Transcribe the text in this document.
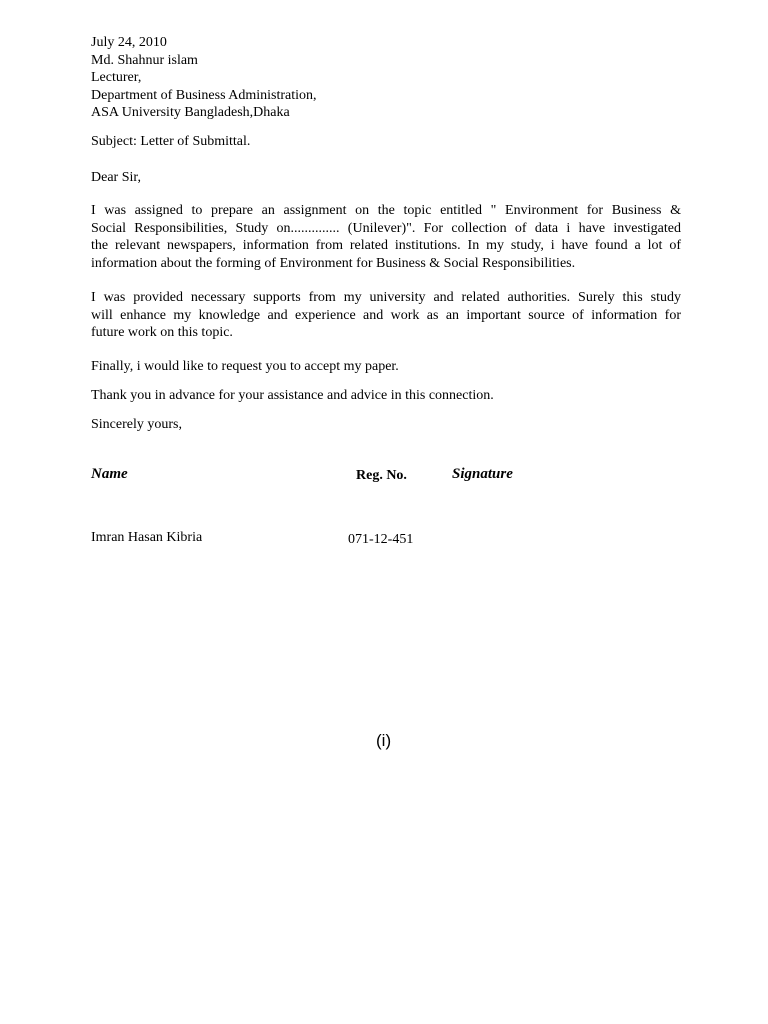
July 24, 2010
Md. Shahnur islam
Lecturer,
Department of Business Administration,
ASA University Bangladesh,Dhaka
Subject: Letter of Submittal.
Dear Sir,
I was assigned to prepare an assignment on the topic entitled " Environment for Business &
Social Responsibilities, Study on.............. (Unilever)". For collection of data i have investigated
the relevant newspapers, information from related institutions. In my study, i have found a lot of
information about the forming of Environment for Business & Social Responsibilities.
I was provided necessary supports from my university and related authorities. Surely this study
will enhance my knowledge and experience and work as an important source of information for
future work on this topic.
Finally, i would like to request you to accept my paper.
Thank you in advance for your assistance and advice in this connection.
Sincerely yours,
Name	Reg. No.	Signature
Imran Hasan Kibria	071-12-451
(i)
